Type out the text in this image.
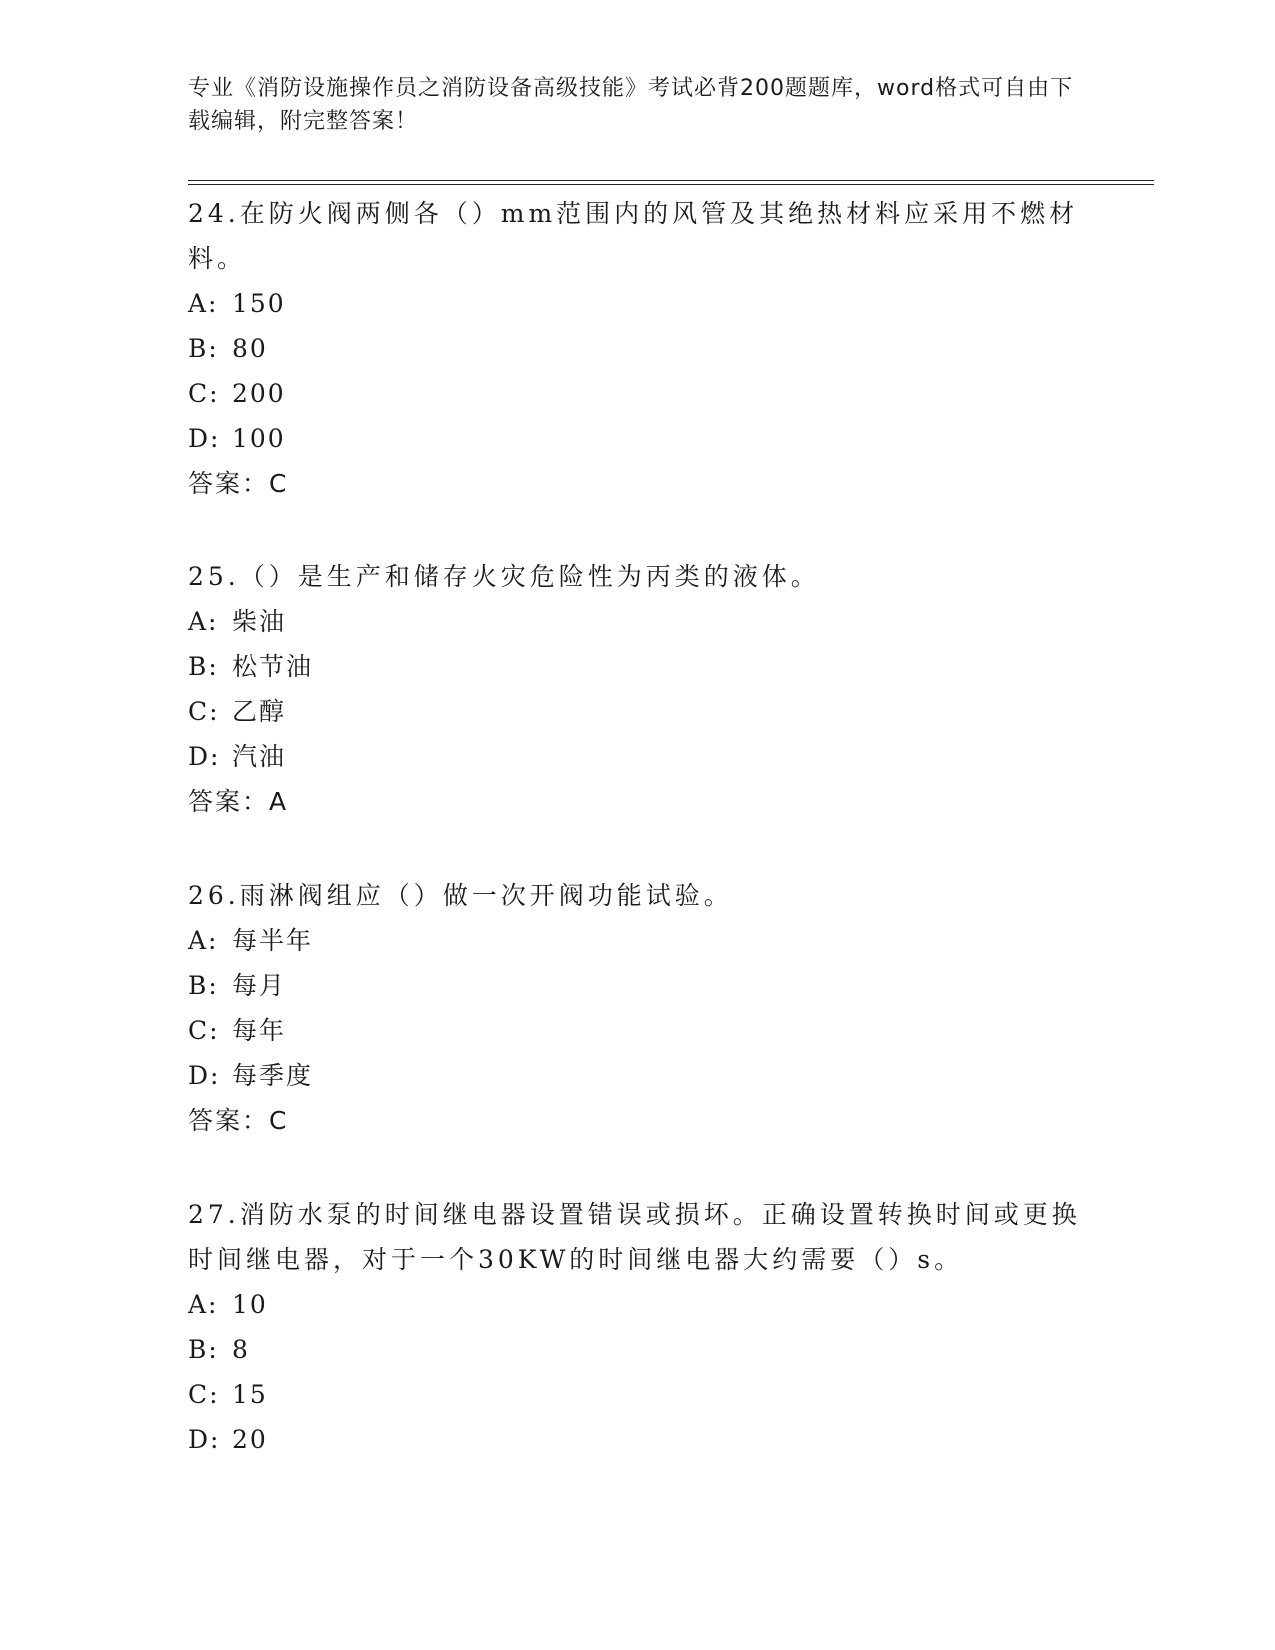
专业《消防设施操作员之消防设备高级技能》考试必背200题题库，word格式可自由下载编辑，附完整答案！
24.在防火阀两侧各（）mm范围内的风管及其绝热材料应采用不燃材料。
A: 150
B: 80
C: 200
D: 100
答案：C
25.（）是生产和储存火灾危险性为丙类的液体。
A: 柴油
B: 松节油
C: 乙醇
D: 汽油
答案：A
26.雨淋阀组应（）做一次开阀功能试验。
A: 每半年
B: 每月
C: 每年
D: 每季度
答案：C
27.消防水泵的时间继电器设置错误或损坏。正确设置转换时间或更换时间继电器，对于一个30KW的时间继电器大约需要（）s。
A: 10
B: 8
C: 15
D: 20
